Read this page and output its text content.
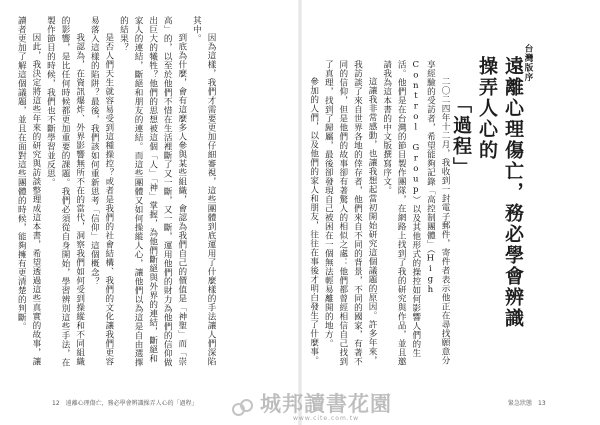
因為這樣，我們才需要更加仔細審視，這些團體到底運用了什麼樣的手法讓人們深陷其中。

到底為什麼，會有這麼多人參與某些組織，會認為我們自己的價值是「神聖」而「崇高」的，以至於他們不惜在生活裡斷了又一斷，又一斷，運用他們的財力為他們的信仰做出巨大的犧牲？他們的思想被這個「人」「神」掌握，為他們斷絕與外界的連結，斷絕和家人的連結，斷絕和朋友的連結。而這些團體又如何操縱人心，讓他們以為這是自由選擇的結果？

是否人們天生就容易受到這種操控？或者是我們的社會結構、我們的文化讓我們更容易落入這樣的陷阱？最後，我們該如何重新思考「信仰」這個概念？

我認為，在資訊爆炸、外界影響無所不在的當代，洞察我們如何受到操縱和不同組織的影響，是比任何時候都更加重要的課題。我們必須從自身開始，學習辨別這些手法，在製作節目的時候，我們也不斷學習並反思。

因此，我決定將這些年來的研究與訪談整理成這本書，希望透過這些真實的故事，讓讀者更加了解這個議題，並且在面對這些團體的時候，能夠擁有更清楚的判斷。	台灣版序
遠離心理傷亡，務必學會辨識操弄人心的
「過程」

二〇二四年十二月，我收到一封電子郵件，寄件者表示他正在尋找願意分享經驗的受訪者，希望能夠記錄「高控制團體」（High Control Group）以及其他形式的操控如何影響人們的生活。他們是在台灣的節目製作團隊，在網路上找到了我的研究與作品，並且邀請我為這本書的中文版撰寫序文。

這讓我非常感動，也讓我想起當初開始研究這個議題的原因。許多年來，我訪談了來自世界各地的倖存者，他們來自不同的背景，不同的國家，有著不同的信仰，但是他們的故事卻有著驚人的相似之處：他們都曾經相信自己找到了真理，找到了歸屬，最後卻發現自己被困在一個無法輕易離開的地方。

參加的人們，以及他們的家人和朋友，往往在事後才明白發生了什麼事。

12　遠離心理傷亡，務必學會辨識操弄人心的「過程」	緊急狀態　13
城邦讀書花園
www.cite.com.tw
